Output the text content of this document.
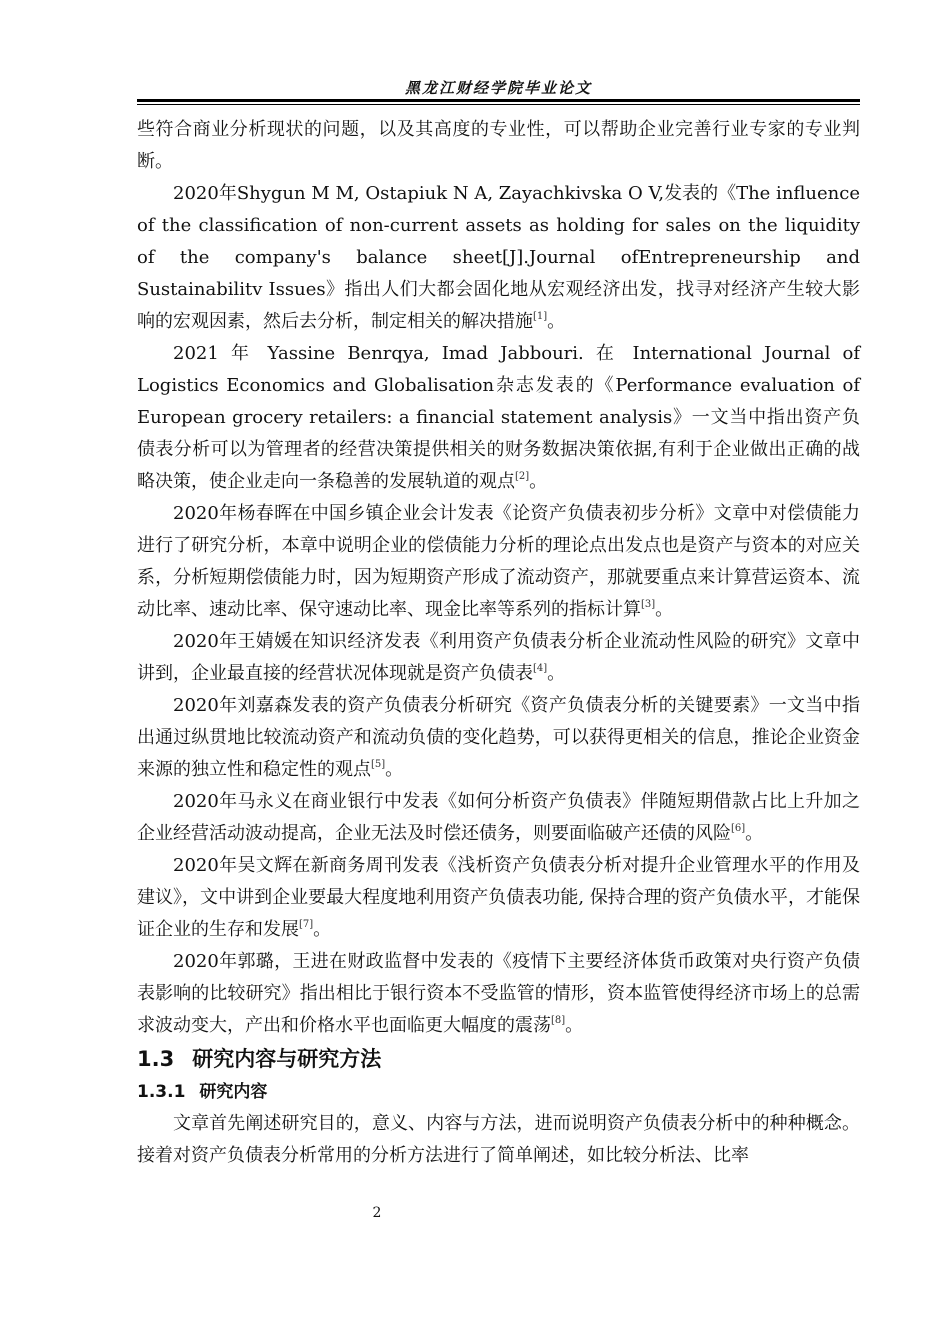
黑龙江财经学院毕业论文

些符合商业分析现状的问题，以及其高度的专业性，可以帮助企业完善行业专家的专业判断。

2020年Shygun M M, Ostapiuk N A, Zayachkivska O V,发表的《The influence of the classification of non-current assets as holding for sales on the liquidity of the company's balance sheet[J].Journal ofEntrepreneurship and Sustainabilitv Issues》指出人们大都会固化地从宏观经济出发，找寻对经济产生较大影响的宏观因素，然后去分析，制定相关的解决措施[1]。

2021 年 Yassine Benrqya, Imad Jabbouri. 在 International Journal of Logistics Economics and Globalisation杂志发表的《Performance evaluation of European grocery retailers: a financial statement analysis》一文当中指出资产负债表分析可以为管理者的经营决策提供相关的财务数据决策依据,有利于企业做出正确的战略决策，使企业走向一条稳善的发展轨道的观点[2]。

2020年杨春晖在中国乡镇企业会计发表《论资产负债表初步分析》文章中对偿债能力进行了研究分析，本章中说明企业的偿债能力分析的理论点出发点也是资产与资本的对应关系，分析短期偿债能力时，因为短期资产形成了流动资产，那就要重点来计算营运资本、流动比率、速动比率、保守速动比率、现金比率等系列的指标计算[3]。

2020年王婧媛在知识经济发表《利用资产负债表分析企业流动性风险的研究》文章中讲到，企业最直接的经营状况体现就是资产负债表[4]。

2020年刘嘉森发表的资产负债表分析研究《资产负债表分析的关键要素》一文当中指出通过纵贯地比较流动资产和流动负债的变化趋势，可以获得更相关的信息，推论企业资金来源的独立性和稳定性的观点[5]。

2020年马永义在商业银行中发表《如何分析资产负债表》伴随短期借款占比上升加之企业经营活动波动提高，企业无法及时偿还债务，则要面临破产还债的风险[6]。

2020年吴文辉在新商务周刊发表《浅析资产负债表分析对提升企业管理水平的作用及建议》，文中讲到企业要最大程度地利用资产负债表功能, 保持合理的资产负债水平，才能保证企业的生存和发展[7]。

2020年郭璐，王进在财政监督中发表的《疫情下主要经济体货币政策对央行资产负债表影响的比较研究》指出相比于银行资本不受监管的情形，资本监管使得经济市场上的总需求波动变大，产出和价格水平也面临更大幅度的震荡[8]。

1.3 研究内容与研究方法
1.3.1 研究内容

文章首先阐述研究目的，意义、内容与方法，进而说明资产负债表分析中的种种概念。接着对资产负债表分析常用的分析方法进行了简单阐述，如比较分析法、比率

2
